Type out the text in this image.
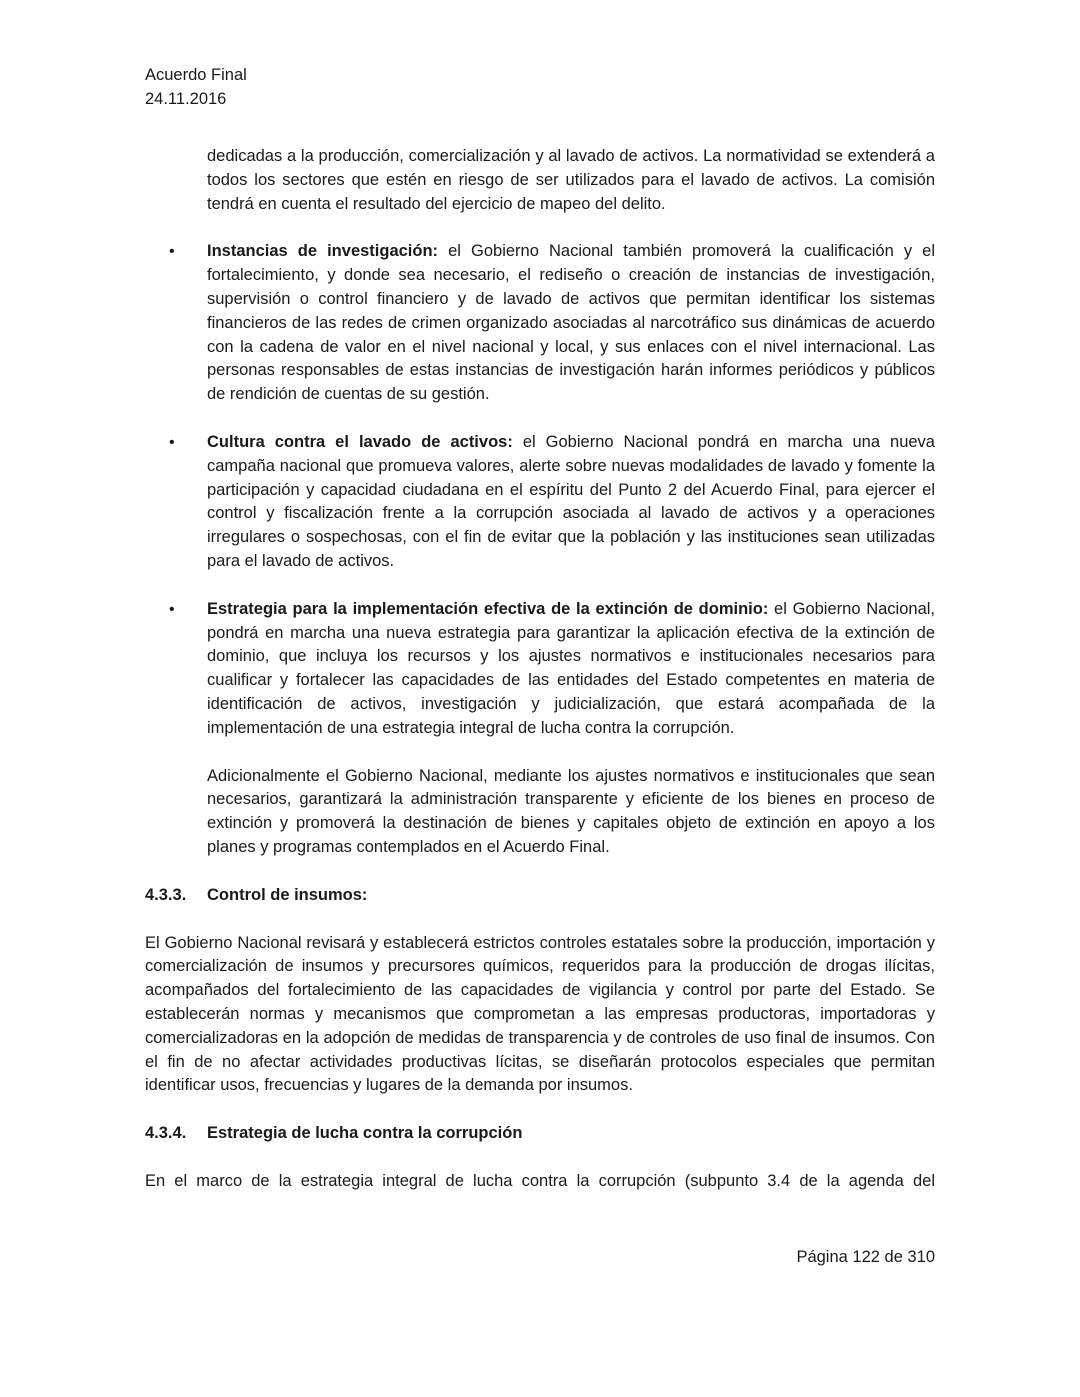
Acuerdo Final
24.11.2016

dedicadas a la producción, comercialización y al lavado de activos. La normatividad se extenderá a todos los sectores que estén en riesgo de ser utilizados para el lavado de activos. La comisión tendrá en cuenta el resultado del ejercicio de mapeo del delito.

• Instancias de investigación: el Gobierno Nacional también promoverá la cualificación y el fortalecimiento, y donde sea necesario, el rediseño o creación de instancias de investigación, supervisión o control financiero y de lavado de activos que permitan identificar los sistemas financieros de las redes de crimen organizado asociadas al narcotráfico sus dinámicas de acuerdo con la cadena de valor en el nivel nacional y local, y sus enlaces con el nivel internacional. Las personas responsables de estas instancias de investigación harán informes periódicos y públicos de rendición de cuentas de su gestión.

• Cultura contra el lavado de activos: el Gobierno Nacional pondrá en marcha una nueva campaña nacional que promueva valores, alerte sobre nuevas modalidades de lavado y fomente la participación y capacidad ciudadana en el espíritu del Punto 2 del Acuerdo Final, para ejercer el control y fiscalización frente a la corrupción asociada al lavado de activos y a operaciones irregulares o sospechosas, con el fin de evitar que la población y las instituciones sean utilizadas para el lavado de activos.

• Estrategia para la implementación efectiva de la extinción de dominio: el Gobierno Nacional, pondrá en marcha una nueva estrategia para garantizar la aplicación efectiva de la extinción de dominio, que incluya los recursos y los ajustes normativos e institucionales necesarios para cualificar y fortalecer las capacidades de las entidades del Estado competentes en materia de identificación de activos, investigación y judicialización, que estará acompañada de la implementación de una estrategia integral de lucha contra la corrupción.

Adicionalmente el Gobierno Nacional, mediante los ajustes normativos e institucionales que sean necesarios, garantizará la administración transparente y eficiente de los bienes en proceso de extinción y promoverá la destinación de bienes y capitales objeto de extinción en apoyo a los planes y programas contemplados en el Acuerdo Final.

4.3.3. Control de insumos:

El Gobierno Nacional revisará y establecerá estrictos controles estatales sobre la producción, importación y comercialización de insumos y precursores químicos, requeridos para la producción de drogas ilícitas, acompañados del fortalecimiento de las capacidades de vigilancia y control por parte del Estado. Se establecerán normas y mecanismos que comprometan a las empresas productoras, importadoras y comercializadoras en la adopción de medidas de transparencia y de controles de uso final de insumos. Con el fin de no afectar actividades productivas lícitas, se diseñarán protocolos especiales que permitan identificar usos, frecuencias y lugares de la demanda por insumos.

4.3.4. Estrategia de lucha contra la corrupción

En el marco de la estrategia integral de lucha contra la corrupción (subpunto 3.4 de la agenda del

Página 122 de 310
